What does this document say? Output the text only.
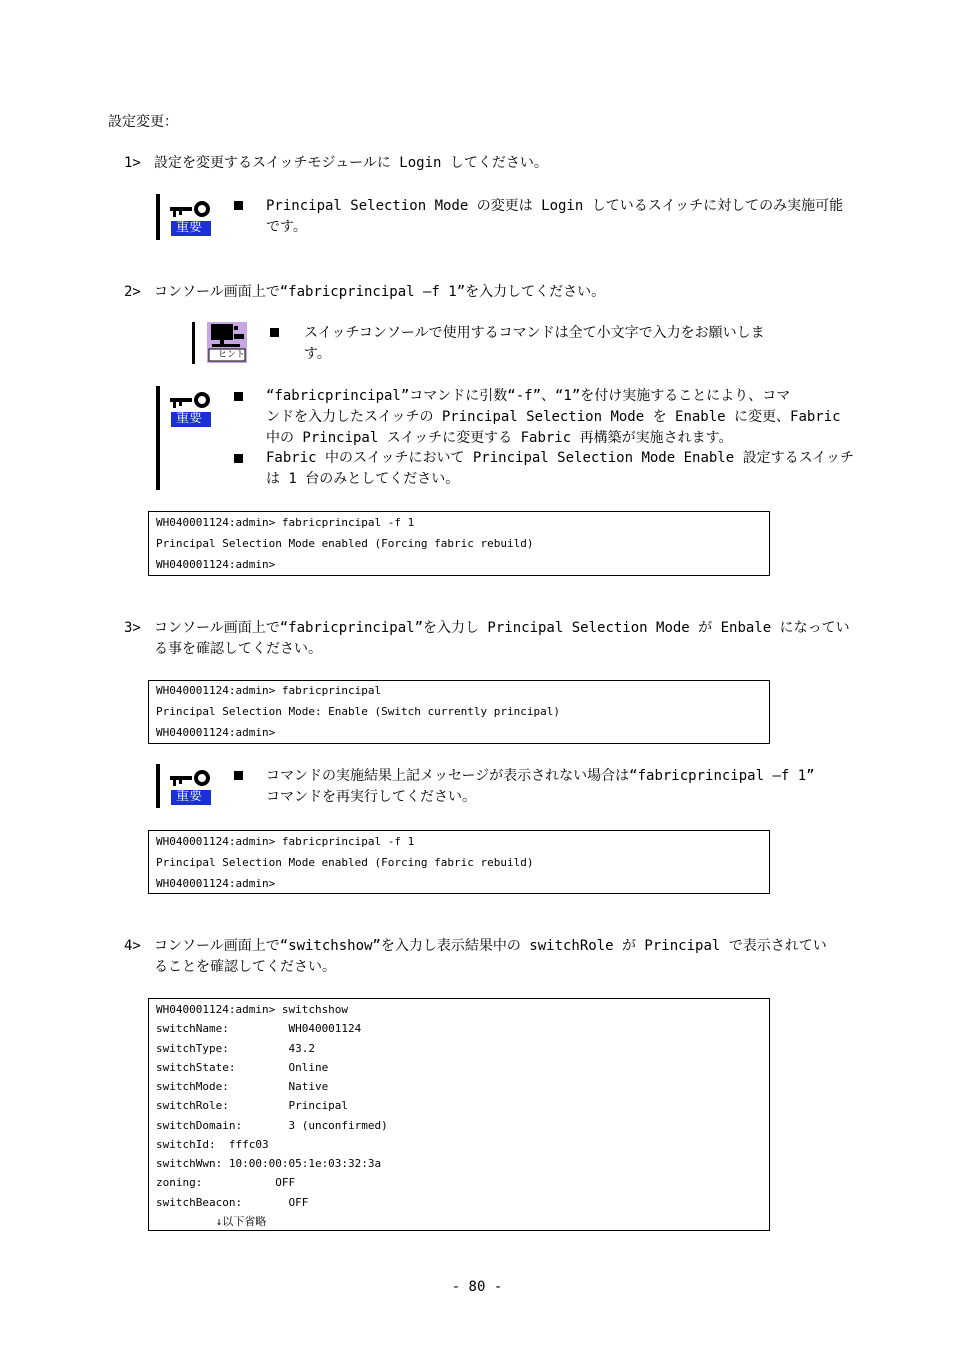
設定変更：
1> 設定を変更するスイッチモジュールに Login してください。
重要
Principal Selection Mode の変更は Login しているスイッチに対してのみ実施可能
です。
2> コンソール画面上で“fabricprincipal –f 1”を入力してください。
ヒント
スイッチコンソールで使用するコマンドは全て小文字で入力をお願いしま
す。
重要
“fabricprincipal”コマンドに引数“-f”、“1”を付け実施することにより、コマ
ンドを入力したスイッチの Principal Selection Mode を Enable に変更、Fabric
中の Principal スイッチに変更する Fabric 再構築が実施されます。
Fabric 中のスイッチにおいて Principal Selection Mode Enable 設定するスイッチ
は 1 台のみとしてください。
WH040001124:admin> fabricprincipal -f 1
Principal Selection Mode enabled (Forcing fabric rebuild)
WH040001124:admin>
3> コンソール画面上で“fabricprincipal”を入力し Principal Selection Mode が Enbale になってい
る事を確認してください。
WH040001124:admin> fabricprincipal
Principal Selection Mode: Enable (Switch currently principal)
WH040001124:admin>
重要
コマンドの実施結果上記メッセージが表示されない場合は“fabricprincipal –f 1”
コマンドを再実行してください。
WH040001124:admin> fabricprincipal -f 1
Principal Selection Mode enabled (Forcing fabric rebuild)
WH040001124:admin>
4> コンソール画面上で“switchshow”を入力し表示結果中の switchRole が Principal で表示されてい
ることを確認してください。
WH040001124:admin> switchshow
switchName:         WH040001124
switchType:         43.2
switchState:        Online
switchMode:         Native
switchRole:         Principal
switchDomain:       3 (unconfirmed)
switchId:  fffc03
switchWwn: 10:00:00:05:1e:03:32:3a
zoning:           OFF
switchBeacon:       OFF
↓以下省略
- 80 -
